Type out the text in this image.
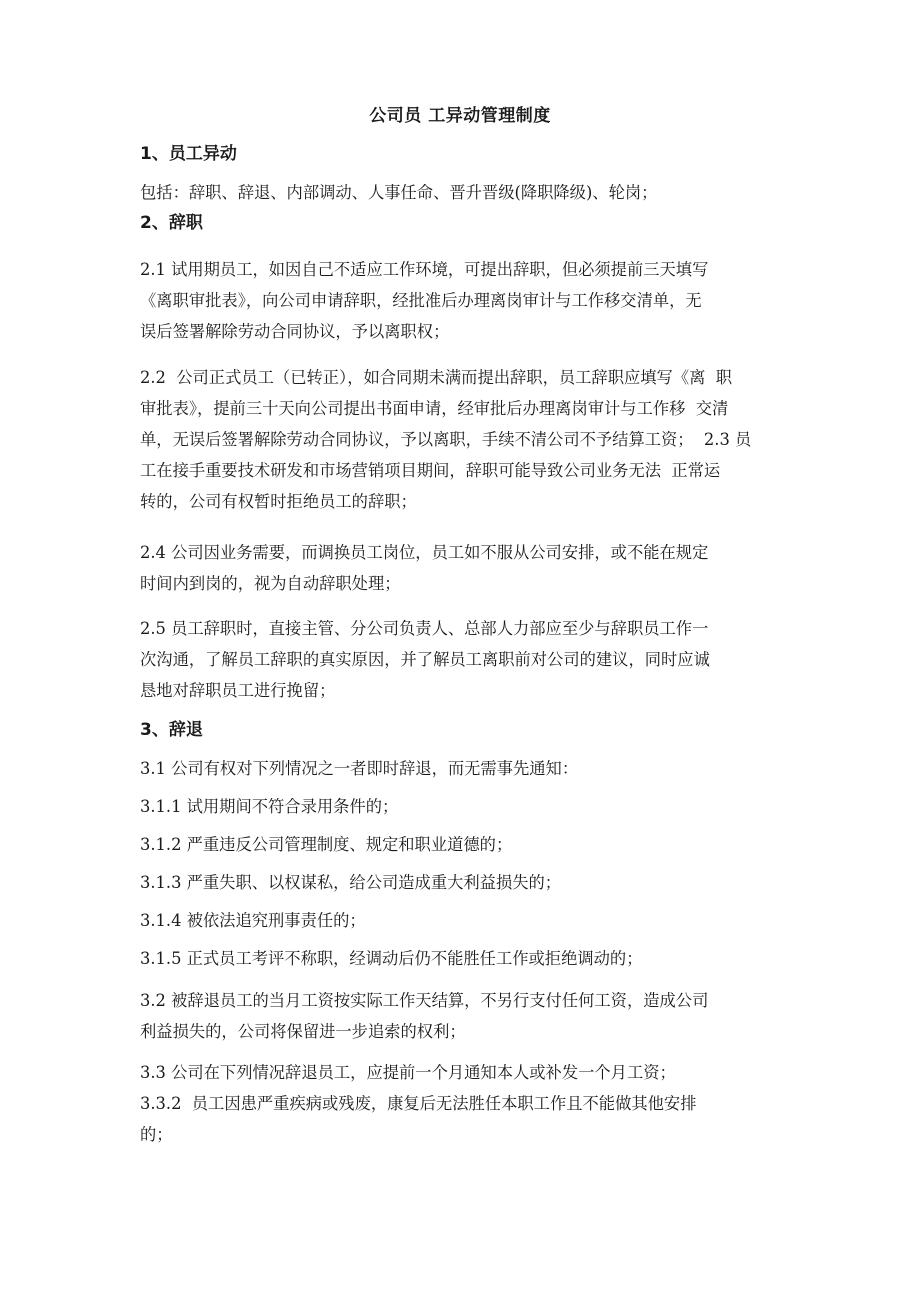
公司员 工异动管理制度
1、员工异动
包括：辞职、辞退、内部调动、人事任命、晋升晋级(降职降级)、轮岗；
2、辞职
2.1 试用期员工，如因自己不适应工作环境，可提出辞职，但必须提前三天填写
《离职审批表》，向公司申请辞职，经批准后办理离岗审计与工作移交清单，无
误后签署解除劳动合同协议，予以离职权；
2.2  公司正式员工（已转正），如合同期未满而提出辞职，员工辞职应填写《离  职
审批表》，提前三十天向公司提出书面申请，经审批后办理离岗审计与工作移  交清
单，无误后签署解除劳动合同协议，予以离职，手续不清公司不予结算工资；  2.3 员
工在接手重要技术研发和市场营销项目期间，辞职可能导致公司业务无法  正常运
转的，公司有权暂时拒绝员工的辞职；
2.4 公司因业务需要，而调换员工岗位，员工如不服从公司安排，或不能在规定
时间内到岗的，视为自动辞职处理；
2.5 员工辞职时，直接主管、分公司负责人、总部人力部应至少与辞职员工作一
次沟通，了解员工辞职的真实原因，并了解员工离职前对公司的建议，同时应诚
恳地对辞职员工进行挽留；
3、辞退
3.1 公司有权对下列情况之一者即时辞退，而无需事先通知：
3.1.1 试用期间不符合录用条件的；
3.1.2 严重违反公司管理制度、规定和职业道德的；
3.1.3 严重失职、以权谋私，给公司造成重大利益损失的；
3.1.4 被依法追究刑事责任的；
3.1.5 正式员工考评不称职，经调动后仍不能胜任工作或拒绝调动的；
3.2 被辞退员工的当月工资按实际工作天结算，不另行支付任何工资，造成公司
利益损失的，公司将保留进一步追索的权利；
3.3 公司在下列情况辞退员工，应提前一个月通知本人或补发一个月工资；
3.3.2  员工因患严重疾病或残废，康复后无法胜任本职工作且不能做其他安排
的；
